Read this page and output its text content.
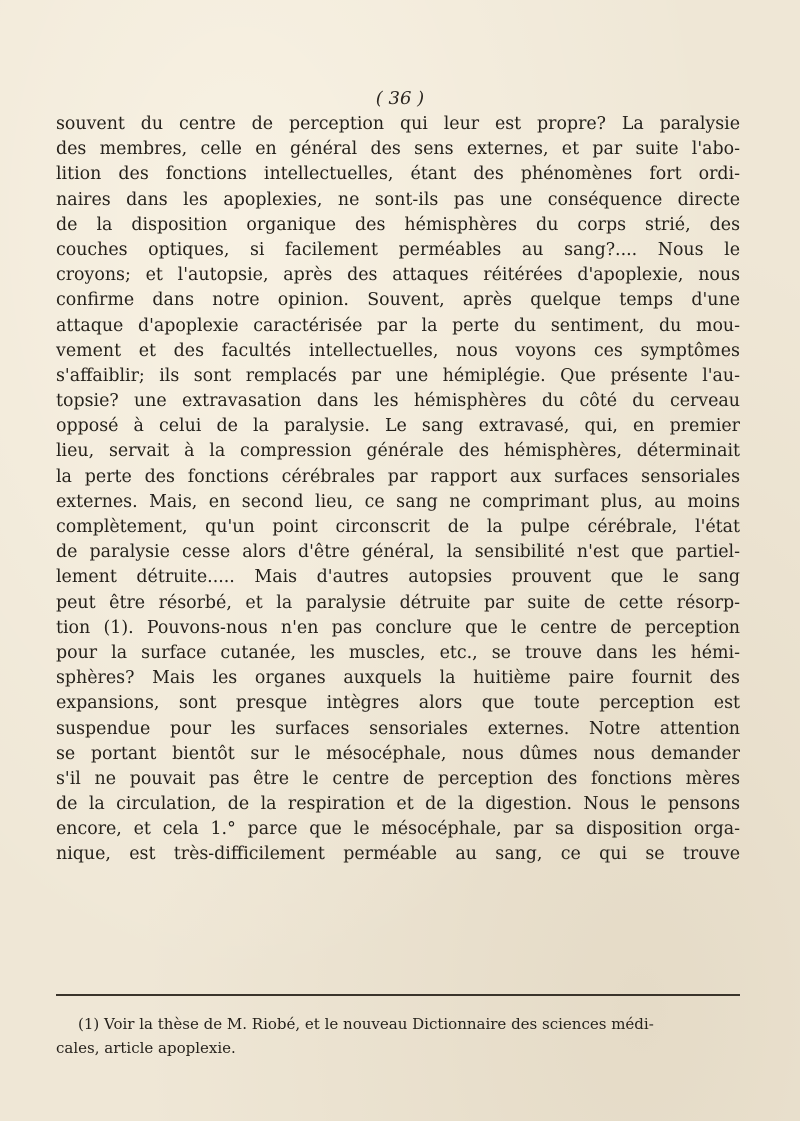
( 36 )
souvent du centre de perception qui leur est propre? La paralysie
des membres, celle en général des sens externes, et par suite l'abo-
lition des fonctions intellectuelles, étant des phénomènes fort ordi-
naires dans les apoplexies, ne sont-ils pas une conséquence directe
de la disposition organique des hémisphères du corps strié, des
couches optiques, si facilement perméables au sang?.... Nous le
croyons; et l'autopsie, après des attaques réitérées d'apoplexie, nous
confirme dans notre opinion. Souvent, après quelque temps d'une
attaque d'apoplexie caractérisée par la perte du sentiment, du mou-
vement et des facultés intellectuelles, nous voyons ces symptômes
s'affaiblir; ils sont remplacés par une hémiplégie. Que présente l'au-
topsie? une extravasation dans les hémisphères du côté du cerveau
opposé à celui de la paralysie. Le sang extravasé, qui, en premier
lieu, servait à la compression générale des hémisphères, déterminait
la perte des fonctions cérébrales par rapport aux surfaces sensoriales
externes. Mais, en second lieu, ce sang ne comprimant plus, au moins
complètement, qu'un point circonscrit de la pulpe cérébrale, l'état
de paralysie cesse alors d'être général, la sensibilité n'est que partiel-
lement détruite..... Mais d'autres autopsies prouvent que le sang
peut être résorbé, et la paralysie détruite par suite de cette résorp-
tion (1). Pouvons-nous n'en pas conclure que le centre de perception
pour la surface cutanée, les muscles, etc., se trouve dans les hémi-
sphères? Mais les organes auxquels la huitième paire fournit des
expansions, sont presque intègres alors que toute perception est
suspendue pour les surfaces sensoriales externes. Notre attention
se portant bientôt sur le mésocéphale, nous dûmes nous demander
s'il ne pouvait pas être le centre de perception des fonctions mères
de la circulation, de la respiration et de la digestion. Nous le pensons
encore, et cela 1.° parce que le mésocéphale, par sa disposition orga-
nique, est très-difficilement perméable au sang, ce qui se trouve
(1) Voir la thèse de M. Riobé, et le nouveau Dictionnaire des sciences médi-
cales, article apoplexie.
